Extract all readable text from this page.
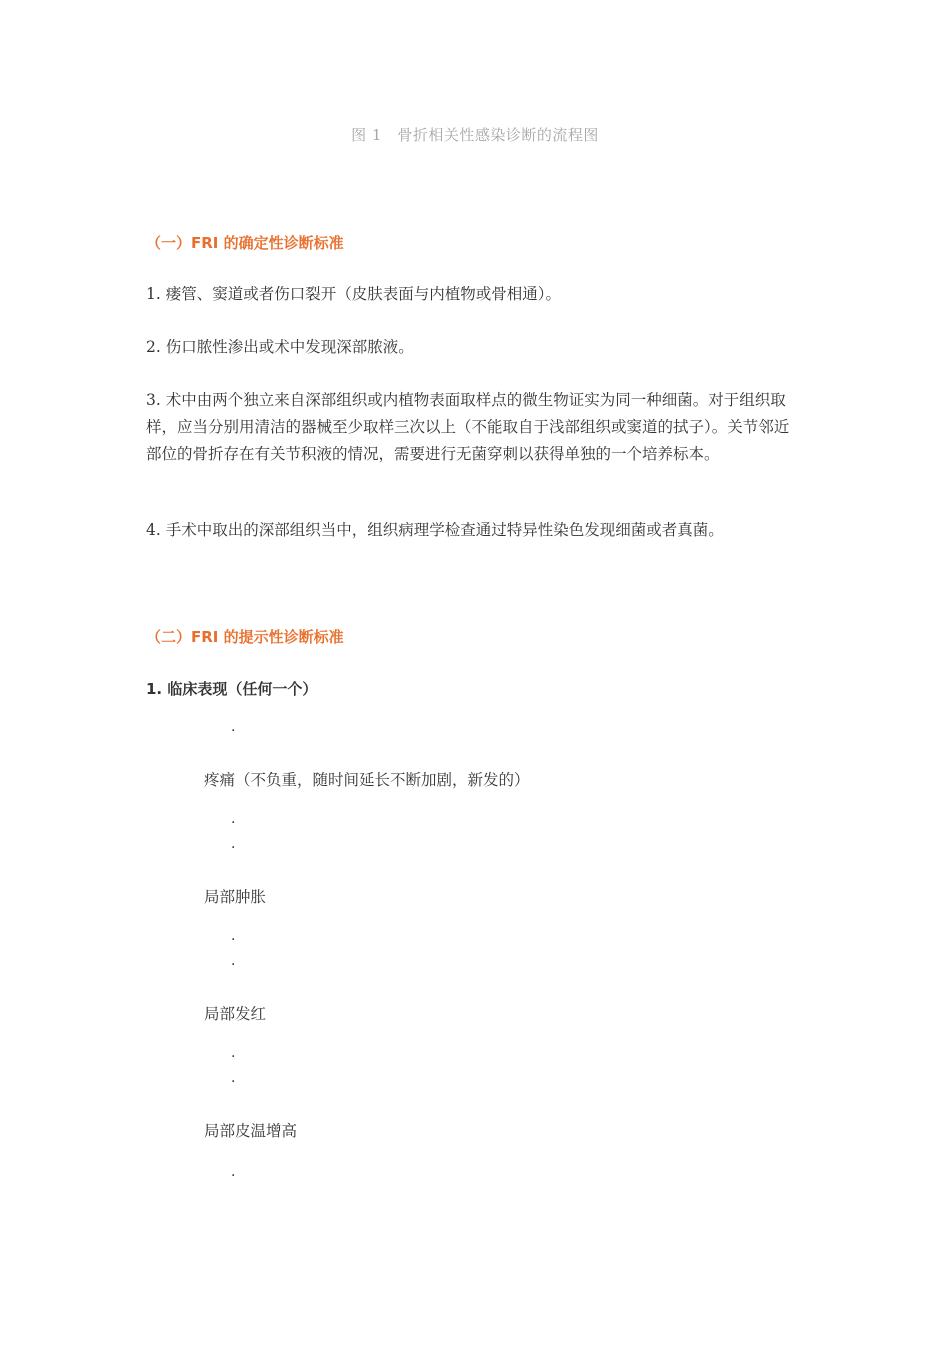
图 1　骨折相关性感染诊断的流程图
（一）FRI 的确定性诊断标准
1. 瘘管、窦道或者伤口裂开（皮肤表面与内植物或骨相通）。
2. 伤口脓性渗出或术中发现深部脓液。
3. 术中由两个独立来自深部组织或内植物表面取样点的微生物证实为同一种细菌。对于组织取样，应当分别用清洁的器械至少取样三次以上（不能取自于浅部组织或窦道的拭子）。关节邻近部位的骨折存在有关节积液的情况，需要进行无菌穿刺以获得单独的一个培养标本。
4. 手术中取出的深部组织当中，组织病理学检查通过特异性染色发现细菌或者真菌。
（二）FRI 的提示性诊断标准
1. 临床表现（任何一个）
·
疼痛（不负重，随时间延长不断加剧，新发的）
·
·
局部肿胀
·
·
局部发红
·
·
局部皮温增高
·
